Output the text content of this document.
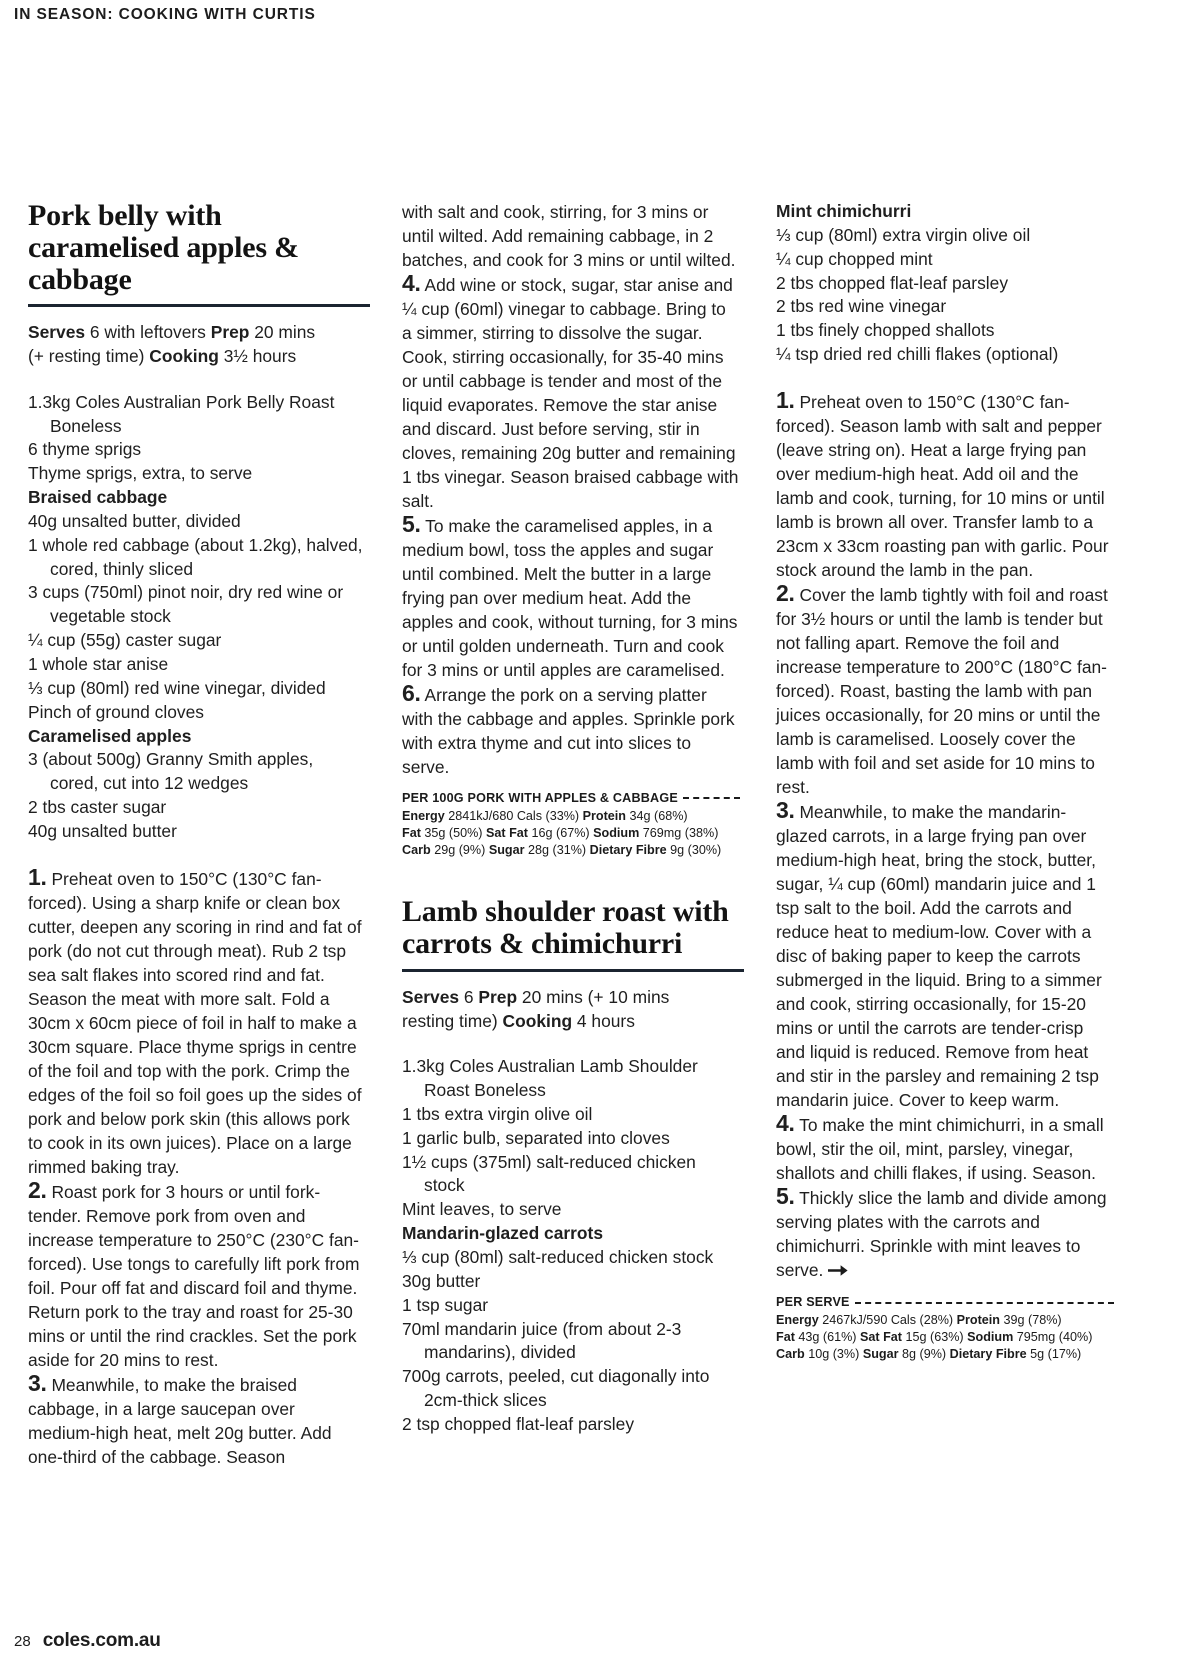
IN SEASON: COOKING WITH CURTIS
Pork belly with caramelised apples & cabbage
Serves 6 with leftovers Prep 20 mins
(+ resting time) Cooking 3½ hours
1.3kg Coles Australian Pork Belly Roast Boneless
6 thyme sprigs
Thyme sprigs, extra, to serve
Braised cabbage
40g unsalted butter, divided
1 whole red cabbage (about 1.2kg), halved, cored, thinly sliced
3 cups (750ml) pinot noir, dry red wine or vegetable stock
¼ cup (55g) caster sugar
1 whole star anise
⅓ cup (80ml) red wine vinegar, divided
Pinch of ground cloves
Caramelised apples
3 (about 500g) Granny Smith apples, cored, cut into 12 wedges
2 tbs caster sugar
40g unsalted butter

1. Preheat oven to 150°C (130°C fan-forced). Using a sharp knife or clean box cutter, deepen any scoring in rind and fat of pork (do not cut through meat). Rub 2 tsp sea salt flakes into scored rind and fat. Season the meat with more salt. Fold a 30cm x 60cm piece of foil in half to make a 30cm square. Place thyme sprigs in centre of the foil and top with the pork. Crimp the edges of the foil so foil goes up the sides of pork and below pork skin (this allows pork to cook in its own juices). Place on a large rimmed baking tray.

2. Roast pork for 3 hours or until fork-tender. Remove pork from oven and increase temperature to 250°C (230°C fan-forced). Use tongs to carefully lift pork from foil. Pour off fat and discard foil and thyme. Return pork to the tray and roast for 25-30 mins or until the rind crackles. Set the pork aside for 20 mins to rest.

3. Meanwhile, to make the braised cabbage, in a large saucepan over medium-high heat, melt 20g butter. Add one-third of the cabbage. Season

with salt and cook, stirring, for 3 mins or until wilted. Add remaining cabbage, in 2 batches, and cook for 3 mins or until wilted.

4. Add wine or stock, sugar, star anise and ¼ cup (60ml) vinegar to cabbage. Bring to a simmer, stirring to dissolve the sugar. Cook, stirring occasionally, for 35-40 mins or until cabbage is tender and most of the liquid evaporates. Remove the star anise and discard. Just before serving, stir in cloves, remaining 20g butter and remaining 1 tbs vinegar. Season braised cabbage with salt.

5. To make the caramelised apples, in a medium bowl, toss the apples and sugar until combined. Melt the butter in a large frying pan over medium heat. Add the apples and cook, without turning, for 3 mins or until golden underneath. Turn and cook for 3 mins or until apples are caramelised.

6. Arrange the pork on a serving platter with the cabbage and apples. Sprinkle pork with extra thyme and cut into slices to serve.

PER 100G PORK WITH APPLES & CABBAGE
Energy 2841kJ/680 Cals (33%) Protein 34g (68%)
Fat 35g (50%) Sat Fat 16g (67%) Sodium 769mg (38%)
Carb 29g (9%) Sugar 28g (31%) Dietary Fibre 9g (30%)
Lamb shoulder roast with carrots & chimichurri
Serves 6 Prep 20 mins (+ 10 mins
resting time) Cooking 4 hours
1.3kg Coles Australian Lamb Shoulder Roast Boneless
1 tbs extra virgin olive oil
1 garlic bulb, separated into cloves
1½ cups (375ml) salt-reduced chicken stock
Mint leaves, to serve
Mandarin-glazed carrots
⅓ cup (80ml) salt-reduced chicken stock
30g butter
1 tsp sugar
70ml mandarin juice (from about 2-3 mandarins), divided
700g carrots, peeled, cut diagonally into 2cm-thick slices
2 tsp chopped flat-leaf parsley
Mint chimichurri
⅓ cup (80ml) extra virgin olive oil
¼ cup chopped mint
2 tbs chopped flat-leaf parsley
2 tbs red wine vinegar
1 tbs finely chopped shallots
¼ tsp dried red chilli flakes (optional)

1. Preheat oven to 150°C (130°C fan-forced). Season lamb with salt and pepper (leave string on). Heat a large frying pan over medium-high heat. Add oil and the lamb and cook, turning, for 10 mins or until lamb is brown all over. Transfer lamb to a 23cm x 33cm roasting pan with garlic. Pour stock around the lamb in the pan.

2. Cover the lamb tightly with foil and roast for 3½ hours or until the lamb is tender but not falling apart. Remove the foil and increase temperature to 200°C (180°C fan-forced). Roast, basting the lamb with pan juices occasionally, for 20 mins or until the lamb is caramelised. Loosely cover the lamb with foil and set aside for 10 mins to rest.

3. Meanwhile, to make the mandarin-glazed carrots, in a large frying pan over medium-high heat, bring the stock, butter, sugar, ¼ cup (60ml) mandarin juice and 1 tsp salt to the boil. Add the carrots and reduce heat to medium-low. Cover with a disc of baking paper to keep the carrots submerged in the liquid. Bring to a simmer and cook, stirring occasionally, for 15-20 mins or until the carrots are tender-crisp and liquid is reduced. Remove from heat and stir in the parsley and remaining 2 tsp mandarin juice. Cover to keep warm.

4. To make the mint chimichurri, in a small bowl, stir the oil, mint, parsley, vinegar, shallots and chilli flakes, if using. Season.

5. Thickly slice the lamb and divide among serving plates with the carrots and chimichurri. Sprinkle with mint leaves to serve.

PER SERVE
Energy 2467kJ/590 Cals (28%) Protein 39g (78%)
Fat 43g (61%) Sat Fat 15g (63%) Sodium 795mg (40%)
Carb 10g (3%) Sugar 8g (9%) Dietary Fibre 5g (17%)
28 coles.com.au
